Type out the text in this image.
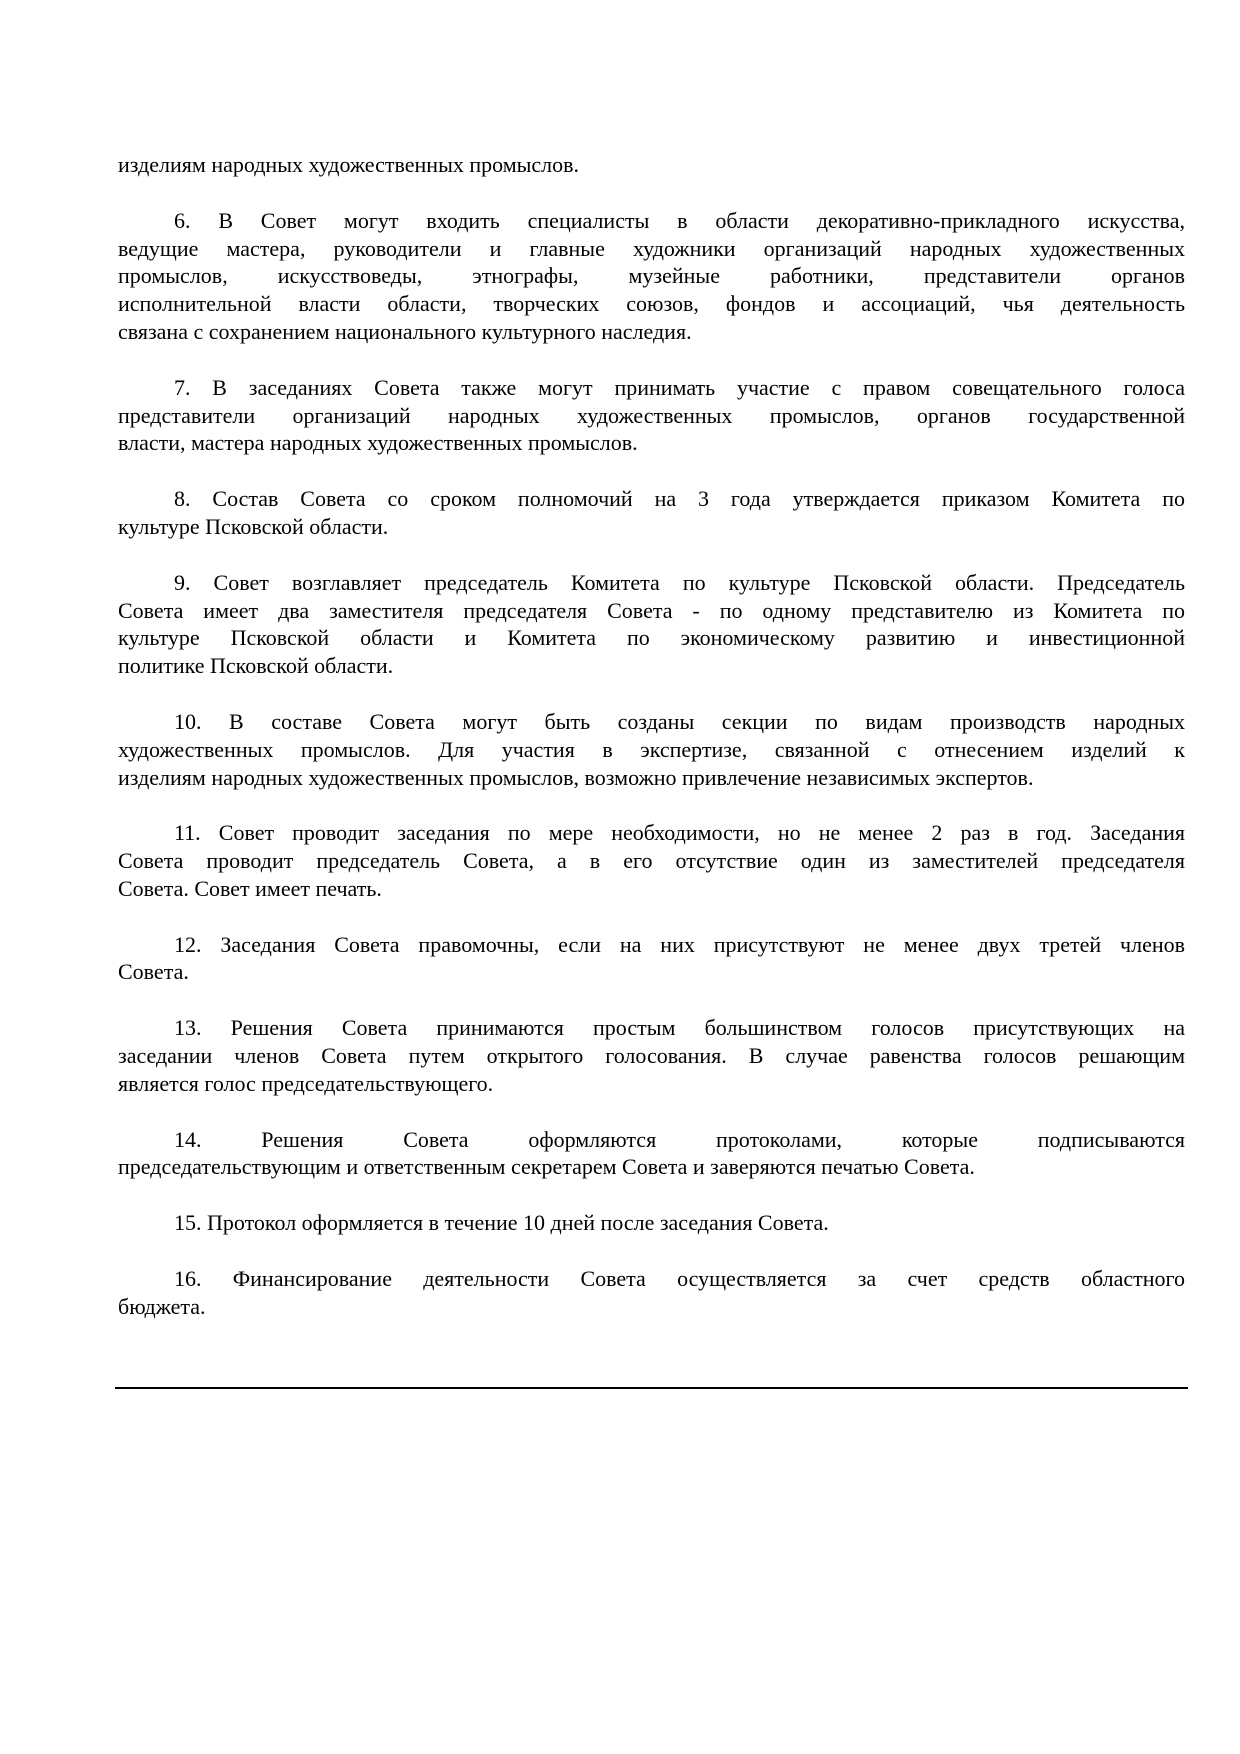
изделиям народных художественных промыслов.
6. В Совет могут входить специалисты в области декоративно-прикладного искусства,
ведущие мастера, руководители и главные художники организаций народных художественных
промыслов, искусствоведы, этнографы, музейные работники, представители органов
исполнительной власти области, творческих союзов, фондов и ассоциаций, чья деятельность
связана с сохранением национального культурного наследия.
7. В заседаниях Совета также могут принимать участие с правом совещательного голоса
представители организаций народных художественных промыслов, органов государственной
власти, мастера народных художественных промыслов.
8. Состав Совета со сроком полномочий на 3 года утверждается приказом Комитета по
культуре Псковской области.
9. Совет возглавляет председатель Комитета по культуре Псковской области. Председатель
Совета имеет два заместителя председателя Совета - по одному представителю из Комитета по
культуре Псковской области и Комитета по экономическому развитию и инвестиционной
политике Псковской области.
10. В составе Совета могут быть созданы секции по видам производств народных
художественных промыслов. Для участия в экспертизе, связанной с отнесением изделий к
изделиям народных художественных промыслов, возможно привлечение независимых экспертов.
11. Совет проводит заседания по мере необходимости, но не менее 2 раз в год. Заседания
Совета проводит председатель Совета, а в его отсутствие один из заместителей председателя
Совета. Совет имеет печать.
12. Заседания Совета правомочны, если на них присутствуют не менее двух третей членов
Совета.
13. Решения Совета принимаются простым большинством голосов присутствующих на
заседании членов Совета путем открытого голосования. В случае равенства голосов решающим
является голос председательствующего.
14. Решения Совета оформляются протоколами, которые подписываются
председательствующим и ответственным секретарем Совета и заверяются печатью Совета.
15. Протокол оформляется в течение 10 дней после заседания Совета.
16. Финансирование деятельности Совета осуществляется за счет средств областного
бюджета.
